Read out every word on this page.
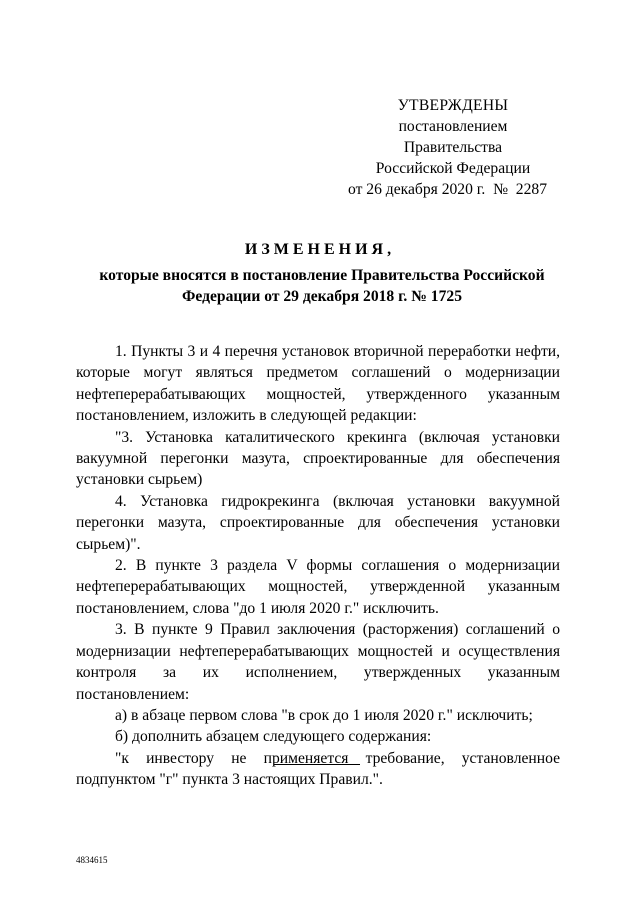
УТВЕРЖДЕНЫ
постановлением Правительства
Российской Федерации
от 26 декабря 2020 г.  №  2287
ИЗМЕНЕНИЯ,
которые вносятся в постановление Правительства Российской
Федерации от 29 декабря 2018 г. № 1725

1. Пункты 3 и 4 перечня установок вторичной переработки нефти, которые могут являться предметом соглашений о модернизации нефтеперерабатывающих мощностей, утвержденного указанным постановлением, изложить в следующей редакции:

"3. Установка каталитического крекинга (включая установки вакуумной перегонки мазута, спроектированные для обеспечения установки сырьем)

4. Установка гидрокрекинга (включая установки вакуумной перегонки мазута, спроектированные для обеспечения установки сырьем)".

2. В пункте 3 раздела V формы соглашения о модернизации нефтеперерабатывающих мощностей, утвержденной указанным постановлением, слова "до 1 июля 2020 г." исключить.

3. В пункте 9 Правил заключения (расторжения) соглашений о модернизации нефтеперерабатывающих мощностей и осуществления контроля за их исполнением, утвержденных указанным постановлением:

а) в абзаце первом слова "в срок до 1 июля 2020 г." исключить;

б) дополнить абзацем следующего содержания:

"к инвестору не применяется требование, установленное подпунктом "г" пункта 3 настоящих Правил.".

4834615
